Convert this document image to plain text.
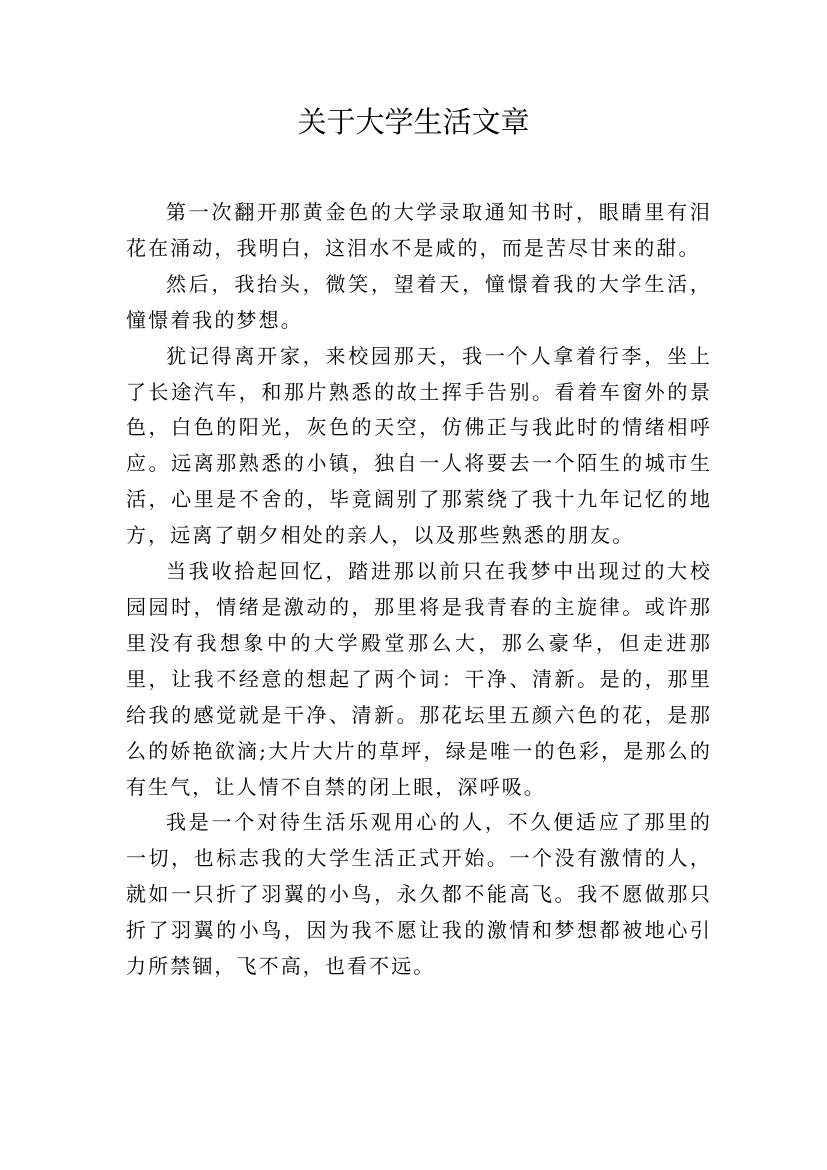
关于大学生活文章

第一次翻开那黄金色的大学录取通知书时，眼睛里有泪花在涌动，我明白，这泪水不是咸的，而是苦尽甘来的甜。

然后，我抬头，微笑，望着天，憧憬着我的大学生活，憧憬着我的梦想。

犹记得离开家，来校园那天，我一个人拿着行李，坐上了长途汽车，和那片熟悉的故土挥手告别。看着车窗外的景色，白色的阳光，灰色的天空，仿佛正与我此时的情绪相呼应。远离那熟悉的小镇，独自一人将要去一个陌生的城市生活，心里是不舍的，毕竟阔别了那萦绕了我十九年记忆的地方，远离了朝夕相处的亲人，以及那些熟悉的朋友。

当我收拾起回忆，踏进那以前只在我梦中出现过的大校园园时，情绪是激动的，那里将是我青春的主旋律。或许那里没有我想象中的大学殿堂那么大，那么豪华，但走进那里，让我不经意的想起了两个词：干净、清新。是的，那里给我的感觉就是干净、清新。那花坛里五颜六色的花，是那么的娇艳欲滴;大片大片的草坪，绿是唯一的色彩，是那么的有生气，让人情不自禁的闭上眼，深呼吸。

我是一个对待生活乐观用心的人，不久便适应了那里的一切，也标志我的大学生活正式开始。一个没有激情的人，就如一只折了羽翼的小鸟，永久都不能高飞。我不愿做那只折了羽翼的小鸟，因为我不愿让我的激情和梦想都被地心引力所禁锢，飞不高，也看不远。
